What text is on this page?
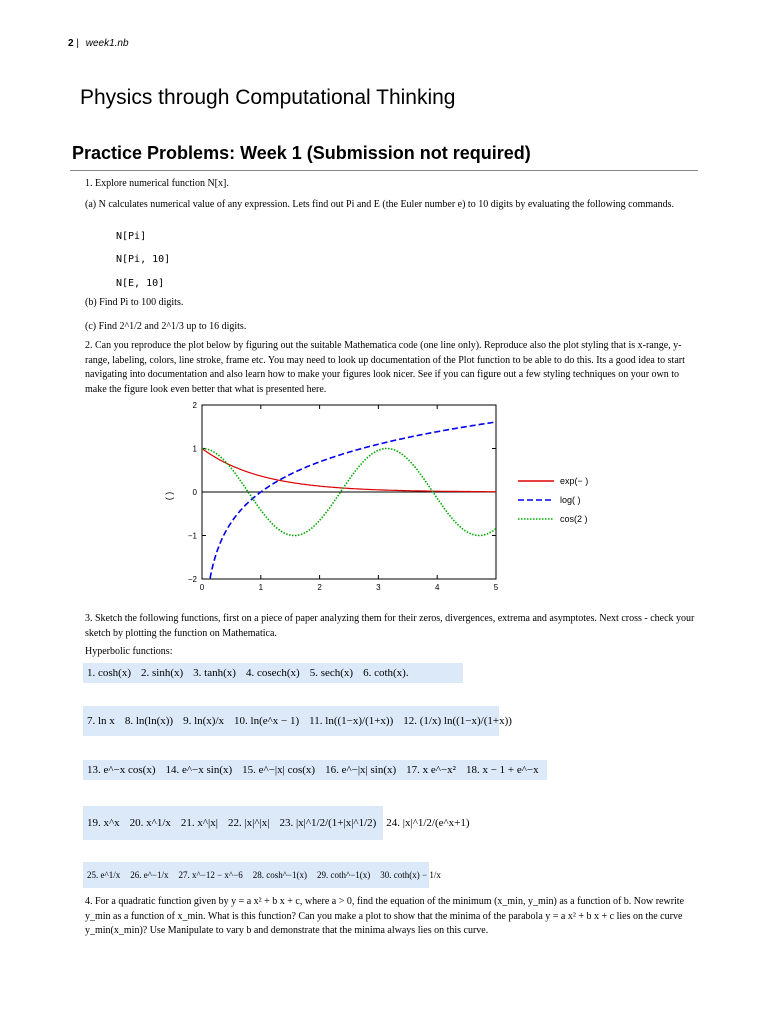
2 | week1.nb
Physics through Computational Thinking
Practice Problems: Week 1 (Submission not required)
1. Explore numerical function N[x].
(a) N calculates numerical value of any expression. Lets find out Pi and E (the Euler number e) to 10 digits by evaluating the following commands.
N[Pi]
N[Pi, 10]
N[E, 10]
(b) Find Pi to 100 digits.
(c) Find 2^1/2 and 2^1/3 up to 16 digits.
2. Can you reproduce the plot below by figuring out the suitable Mathematica code (one line only). Reproduce also the plot styling that is x-range, y-range, labeling, colors, line stroke, frame etc. You may need to look up documentation of the Plot function to be able to do this. Its a good idea to start navigating into documentation and also learn how to make your figures look nicer. See if you can figure out a few styling techniques on your own to make the figure look even better that what is presented here.
0	1	2	3	4	5
2
1
0
−1
−2
( )
exp(− )
log( )
cos(2 )
3. Sketch the following functions, first on a piece of paper analyzing them for their zeros, divergences, extrema and asymptotes. Next cross - check your sketch by plotting the function on Mathematica.
Hyperbolic functions:
1. cosh(x) 2. sinh(x) 3. tanh(x) 4. cosech(x) 5. sech(x) 6. coth(x).
7. ln x 8. ln(ln(x)) 9. ln(x)/x 10. ln(e^x − 1) 11. ln((1−x)/(1+x)) 12. (1/x) ln((1−x)/(1+x))
13. e^−x cos(x) 14. e^−x sin(x) 15. e^−|x| cos(x) 16. e^−|x| sin(x) 17. x e^−x² 18. x − 1 + e^−x
19. x^x 20. x^1/x 21. x^|x| 22. |x|^|x| 23. |x|^1/2/(1+|x|^1/2) 24. |x|^1/2/(e^x+1)
25. e^1/x 26. e^−1/x 27. x^−12 − x^−6 28. cosh^−1(x) 29. coth^−1(x) 30. coth(x) − 1/x
4. For a quadratic function given by y = a x² + b x + c, where a > 0, find the equation of the minimum (x_min, y_min) as a function of b. Now rewrite y_min as a function of x_min. What is this function? Can you make a plot to show that the minima of the parabola y = a x² + b x + c lies on the curve y_min(x_min)? Use Manipulate to vary b and demonstrate that the minima always lies on this curve.
